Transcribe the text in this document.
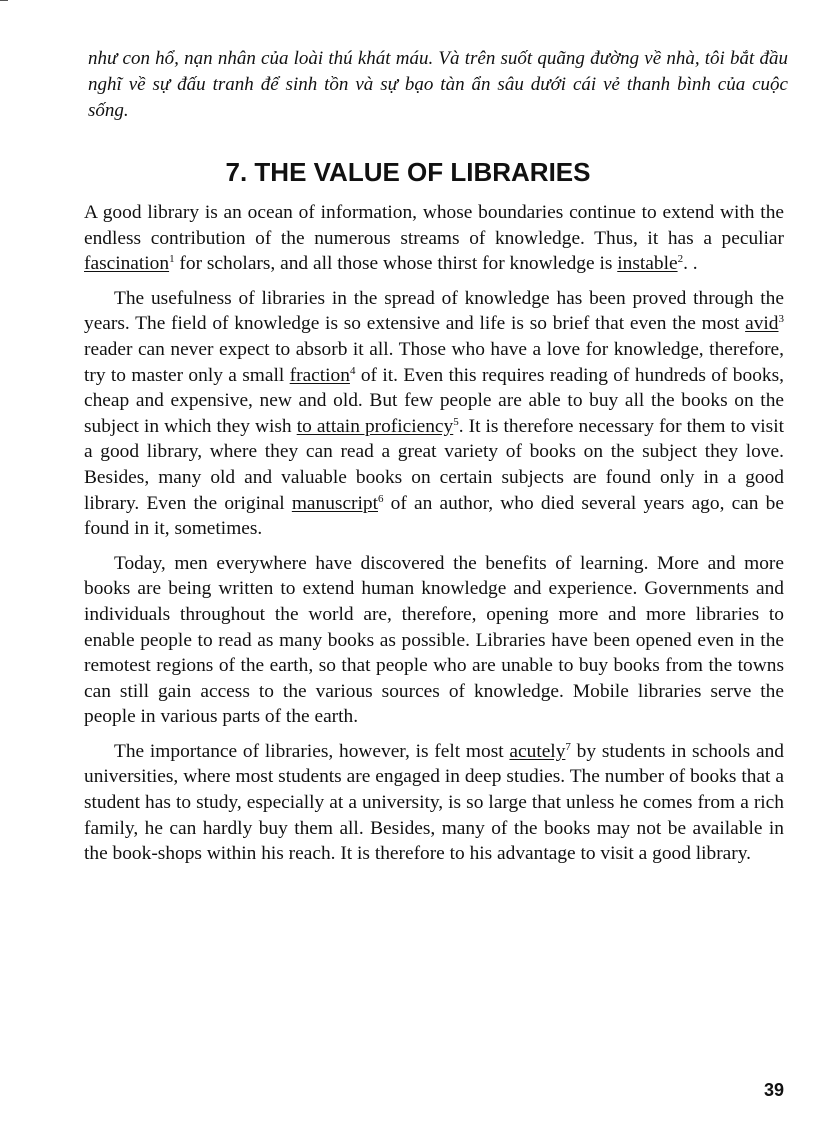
như con hổ, nạn nhân của loài thú khát máu. Và trên suốt quãng đường về nhà, tôi bắt đầu nghĩ về sự đấu tranh để sinh tồn và sự bạo tàn ẩn sâu dưới cái vẻ thanh bình của cuộc sống.

7. THE VALUE OF LIBRARIES

A good library is an ocean of information, whose boundaries continue to extend with the endless contribution of the numerous streams of knowledge. Thus, it has a peculiar fascination$^1$ for scholars, and all those whose thirst for knowledge is instable$^2$. .

The usefulness of libraries in the spread of knowledge has been proved through the years. The field of knowledge is so extensive and life is so brief that even the most avid$^3$ reader can never expect to absorb it all. Those who have a love for knowledge, therefore, try to master only a small fraction$^4$ of it. Even this requires reading of hundreds of books, cheap and expensive, new and old. But few people are able to buy all the books on the subject in which they wish to attain proficiency$^5$. It is therefore necessary for them to visit a good library, where they can read a great variety of books on the subject they love. Besides, many old and valuable books on certain subjects are found only in a good library. Even the original manuscript$^6$ of an author, who died several years ago, can be found in it, sometimes.

Today, men everywhere have discovered the benefits of learning. More and more books are being written to extend human knowledge and experience. Governments and individuals throughout the world are, therefore, opening more and more libraries to enable people to read as many books as possible. Libraries have been opened even in the remotest regions of the earth, so that people who are unable to buy books from the towns can still gain access to the various sources of knowledge. Mobile libraries serve the people in various parts of the earth.

The importance of libraries, however, is felt most acutely$^7$ by students in schools and universities, where most students are engaged in deep studies. The number of books that a student has to study, especially at a university, is so large that unless he comes from a rich family, he can hardly buy them all. Besides, many of the books may not be available in the book-shops within his reach. It is therefore to his advantage to visit a good library.

39
